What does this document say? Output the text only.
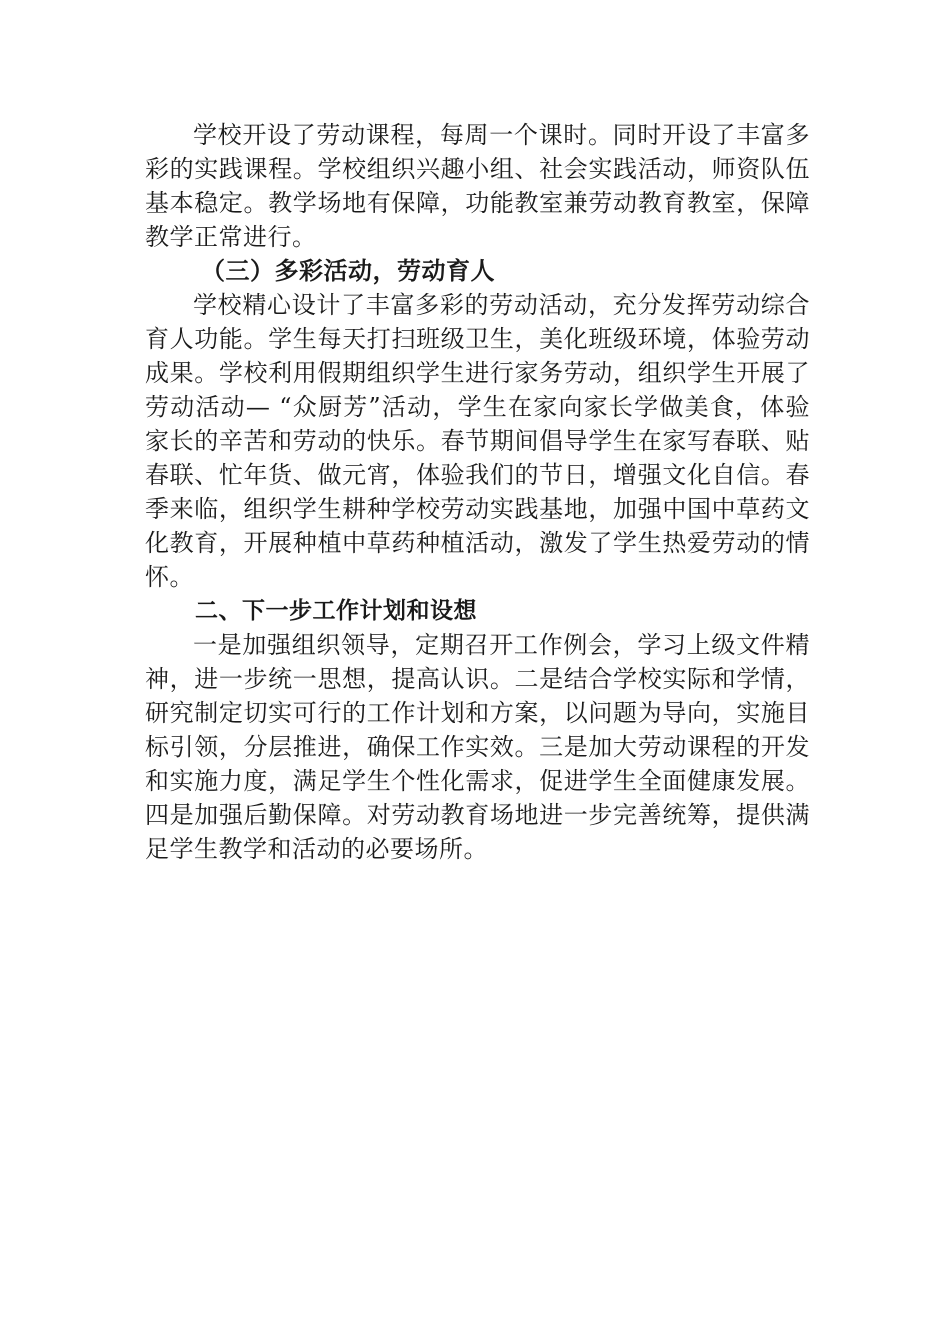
学校开设了劳动课程，每周一个课时。同时开设了丰富多彩的实践课程。学校组织兴趣小组、社会实践活动，师资队伍基本稳定。教学场地有保障，功能教室兼劳动教育教室，保障教学正常进行。

（三）多彩活动，劳动育人

学校精心设计了丰富多彩的劳动活动，充分发挥劳动综合育人功能。学生每天打扫班级卫生，美化班级环境，体验劳动成果。学校利用假期组织学生进行家务劳动，组织学生开展了劳动活动— “众厨芳”活动，学生在家向家长学做美食，体验家长的辛苦和劳动的快乐。春节期间倡导学生在家写春联、贴春联、忙年货、做元宵，体验我们的节日，增强文化自信。春季来临，组织学生耕种学校劳动实践基地，加强中国中草药文化教育，开展种植中草药种植活动，激发了学生热爱劳动的情怀。

二、下一步工作计划和设想

一是加强组织领导，定期召开工作例会，学习上级文件精神，进一步统一思想，提高认识。二是结合学校实际和学情，研究制定切实可行的工作计划和方案，以问题为导向，实施目标引领，分层推进，确保工作实效。三是加大劳动课程的开发和实施力度，满足学生个性化需求，促进学生全面健康发展。四是加强后勤保障。对劳动教育场地进一步完善统筹，提供满足学生教学和活动的必要场所。
